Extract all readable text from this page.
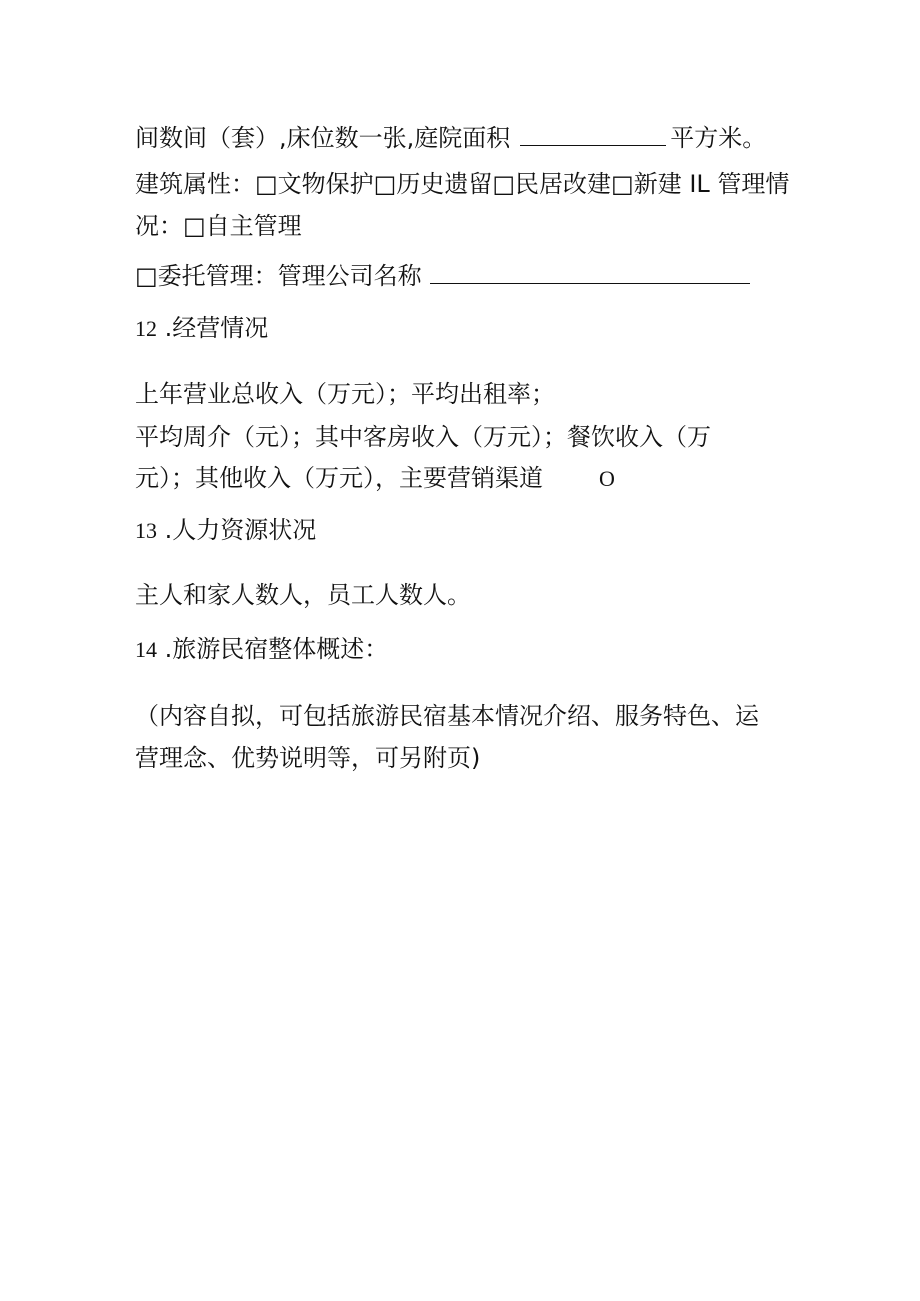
间数间（套）,床位数一张,庭院面积	平方米。
建筑属性：□文物保护□历史遗留□民居改建□新建 IL 管理情
况：□自主管理
□委托管理：管理公司名称
12 .经营情况
上年营业总收入（万元）；平均出租率；
平均周介（元）；其中客房收入（万元）；餐饮收入（万
元）；其他收入（万元），主要营销渠道	O
13 .人力资源状况
主人和家人数人，员工人数人。
14 .旅游民宿整体概述：
（内容自拟，可包括旅游民宿基本情况介绍、服务特色、运
营理念、优势说明等，可另附页)
